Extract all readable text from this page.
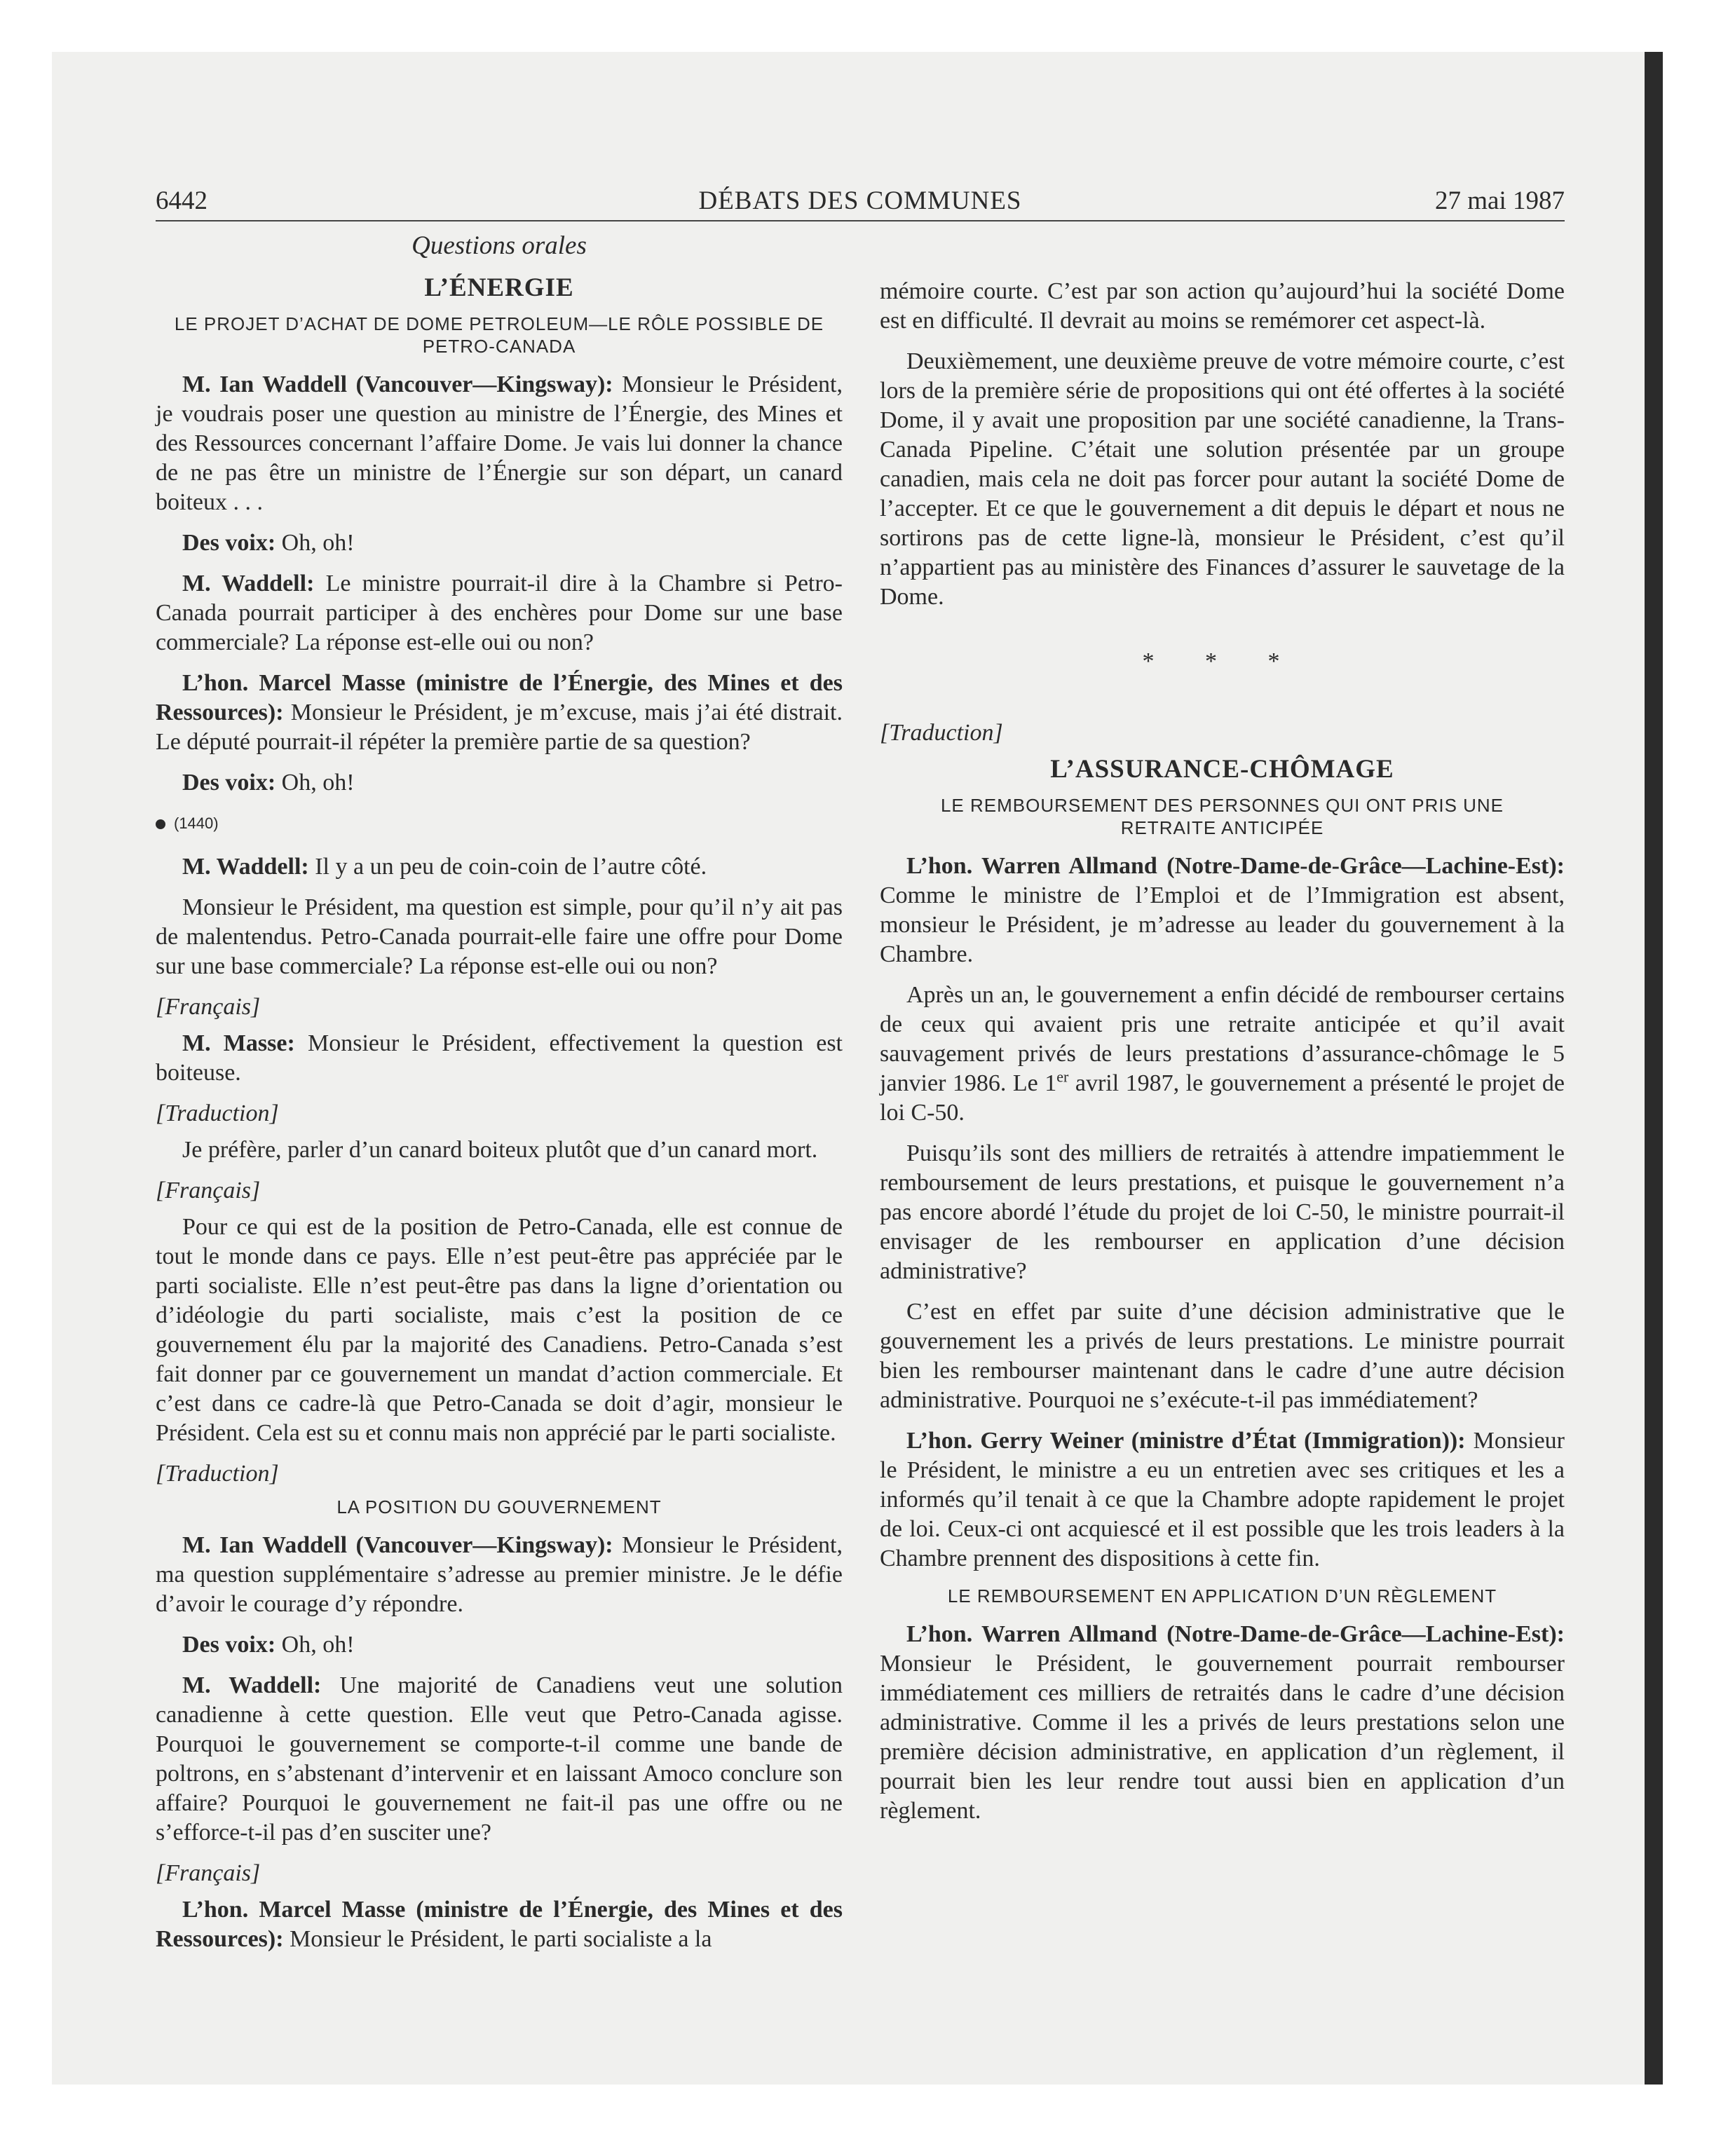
6442	DÉBATS DES COMMUNES	27 mai 1987
Questions orales
L’ÉNERGIE
LE PROJET D’ACHAT DE DOME PETROLEUM—LE RÔLE POSSIBLE DE PETRO-CANADA

M. Ian Waddell (Vancouver—Kingsway): Monsieur le Président, je voudrais poser une question au ministre de l’Énergie, des Mines et des Ressources concernant l’affaire Dome. Je vais lui donner la chance de ne pas être un ministre de l’Énergie sur son départ, un canard boiteux . . .

Des voix: Oh, oh!

M. Waddell: Le ministre pourrait-il dire à la Chambre si Petro-Canada pourrait participer à des enchères pour Dome sur une base commerciale? La réponse est-elle oui ou non?

L’hon. Marcel Masse (ministre de l’Énergie, des Mines et des Ressources): Monsieur le Président, je m’excuse, mais j’ai été distrait. Le député pourrait-il répéter la première partie de sa question?

Des voix: Oh, oh!

(1440)

M. Waddell: Il y a un peu de coin-coin de l’autre côté.

Monsieur le Président, ma question est simple, pour qu’il n’y ait pas de malentendus. Petro-Canada pourrait-elle faire une offre pour Dome sur une base commerciale? La réponse est-elle oui ou non?

[Français]

M. Masse: Monsieur le Président, effectivement la question est boiteuse.

[Traduction]

Je préfère, parler d’un canard boiteux plutôt que d’un canard mort.

[Français]

Pour ce qui est de la position de Petro-Canada, elle est connue de tout le monde dans ce pays. Elle n’est peut-être pas appréciée par le parti socialiste. Elle n’est peut-être pas dans la ligne d’orientation ou d’idéologie du parti socialiste, mais c’est la position de ce gouvernement élu par la majorité des Canadiens. Petro-Canada s’est fait donner par ce gouvernement un mandat d’action commerciale. Et c’est dans ce cadre-là que Petro-Canada se doit d’agir, monsieur le Président. Cela est su et connu mais non apprécié par le parti socialiste.

[Traduction]

LA POSITION DU GOUVERNEMENT

M. Ian Waddell (Vancouver—Kingsway): Monsieur le Président, ma question supplémentaire s’adresse au premier ministre. Je le défie d’avoir le courage d’y répondre.

Des voix: Oh, oh!

M. Waddell: Une majorité de Canadiens veut une solution canadienne à cette question. Elle veut que Petro-Canada agisse. Pourquoi le gouvernement se comporte-t-il comme une bande de poltrons, en s’abstenant d’intervenir et en laissant Amoco conclure son affaire? Pourquoi le gouvernement ne fait-il pas une offre ou ne s’efforce-t-il pas d’en susciter une?

[Français]

L’hon. Marcel Masse (ministre de l’Énergie, des Mines et des Ressources): Monsieur le Président, le parti socialiste a la

mémoire courte. C’est par son action qu’aujourd’hui la société Dome est en difficulté. Il devrait au moins se remémorer cet aspect-là.

Deuxièmement, une deuxième preuve de votre mémoire courte, c’est lors de la première série de propositions qui ont été offertes à la société Dome, il y avait une proposition par une société canadienne, la Trans-Canada Pipeline. C’était une solution présentée par un groupe canadien, mais cela ne doit pas forcer pour autant la société Dome de l’accepter. Et ce que le gouvernement a dit depuis le départ et nous ne sortirons pas de cette ligne-là, monsieur le Président, c’est qu’il n’appartient pas au ministère des Finances d’assurer le sauvetage de la Dome.

* * *

[Traduction]

L’ASSURANCE-CHÔMAGE
LE REMBOURSEMENT DES PERSONNES QUI ONT PRIS UNE RETRAITE ANTICIPÉE

L’hon. Warren Allmand (Notre-Dame-de-Grâce—Lachine-Est): Comme le ministre de l’Emploi et de l’Immigration est absent, monsieur le Président, je m’adresse au leader du gouvernement à la Chambre.

Après un an, le gouvernement a enfin décidé de rembourser certains de ceux qui avaient pris une retraite anticipée et qu’il avait sauvagement privés de leurs prestations d’assurance-chômage le 5 janvier 1986. Le 1er avril 1987, le gouvernement a présenté le projet de loi C-50.

Puisqu’ils sont des milliers de retraités à attendre impatiemment le remboursement de leurs prestations, et puisque le gouvernement n’a pas encore abordé l’étude du projet de loi C-50, le ministre pourrait-il envisager de les rembourser en application d’une décision administrative?

C’est en effet par suite d’une décision administrative que le gouvernement les a privés de leurs prestations. Le ministre pourrait bien les rembourser maintenant dans le cadre d’une autre décision administrative. Pourquoi ne s’exécute-t-il pas immédiatement?

L’hon. Gerry Weiner (ministre d’État (Immigration)): Monsieur le Président, le ministre a eu un entretien avec ses critiques et les a informés qu’il tenait à ce que la Chambre adopte rapidement le projet de loi. Ceux-ci ont acquiescé et il est possible que les trois leaders à la Chambre prennent des dispositions à cette fin.

LE REMBOURSEMENT EN APPLICATION D’UN RÈGLEMENT

L’hon. Warren Allmand (Notre-Dame-de-Grâce—Lachine-Est): Monsieur le Président, le gouvernement pourrait rembourser immédiatement ces milliers de retraités dans le cadre d’une décision administrative. Comme il les a privés de leurs prestations selon une première décision administrative, en application d’un règlement, il pourrait bien les leur rendre tout aussi bien en application d’un règlement.
